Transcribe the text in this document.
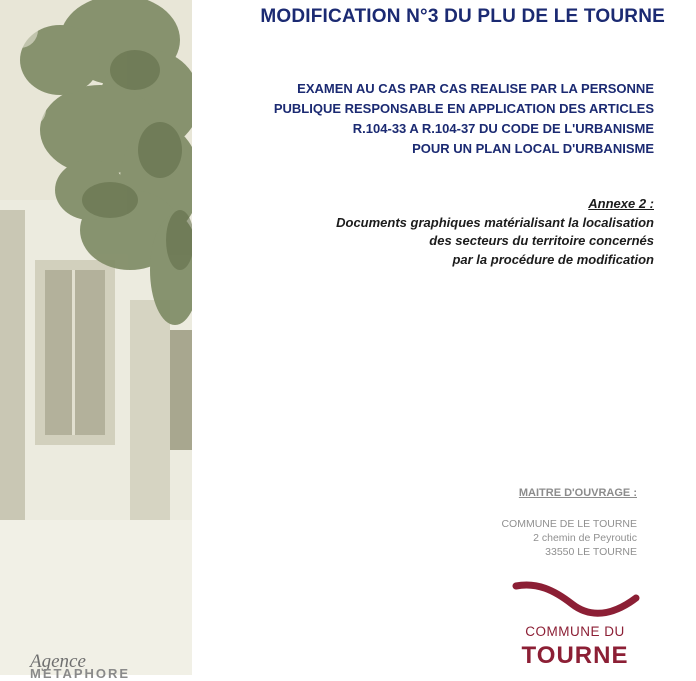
Agence
METAPHORE
MODIFICATION N°3 DU PLU DE LE TOURNE
EXAMEN AU CAS PAR CAS REALISE PAR LA PERSONNE
PUBLIQUE RESPONSABLE EN APPLICATION DES ARTICLES
R.104-33 A R.104-37 DU CODE DE L'URBANISME
POUR UN PLAN LOCAL D'URBANISME
Annexe 2 :
Documents graphiques matérialisant la localisation
des secteurs du territoire concernés
par la procédure de modification
MAITRE D'OUVRAGE :
COMMUNE DE LE TOURNE
2 chemin de Peyroutic
33550 LE TOURNE
COMMUNE DU
TOURNE
